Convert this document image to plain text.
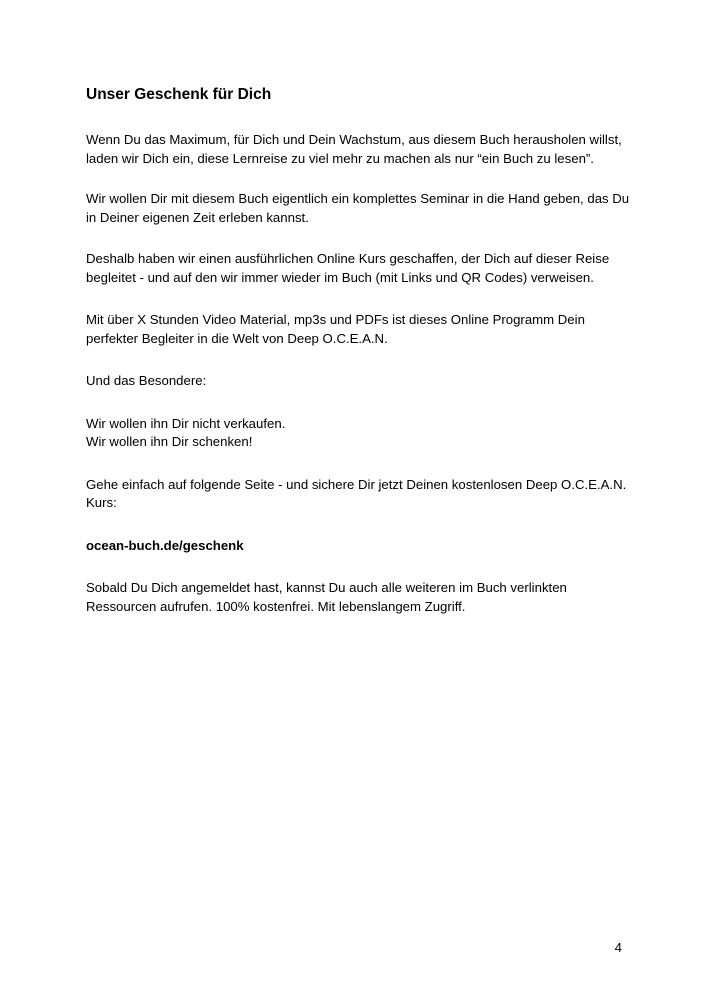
Unser Geschenk für Dich

Wenn Du das Maximum, für Dich und Dein Wachstum, aus diesem Buch herausholen willst, laden wir Dich ein, diese Lernreise zu viel mehr zu machen als nur “ein Buch zu lesen”.

Wir wollen Dir mit diesem Buch eigentlich ein komplettes Seminar in die Hand geben, das Du in Deiner eigenen Zeit erleben kannst.

Deshalb haben wir einen ausführlichen Online Kurs geschaffen, der Dich auf dieser Reise begleitet - und auf den wir immer wieder im Buch (mit Links und QR Codes) verweisen.

Mit über X Stunden Video Material, mp3s und PDFs ist dieses Online Programm Dein perfekter Begleiter in die Welt von Deep O.C.E.A.N.

Und das Besondere:

Wir wollen ihn Dir nicht verkaufen.
Wir wollen ihn Dir schenken!

Gehe einfach auf folgende Seite - und sichere Dir jetzt Deinen kostenlosen Deep O.C.E.A.N. Kurs:

ocean-buch.de/geschenk

Sobald Du Dich angemeldet hast, kannst Du auch alle weiteren im Buch verlinkten Ressourcen aufrufen. 100% kostenfrei. Mit lebenslangem Zugriff.

4
